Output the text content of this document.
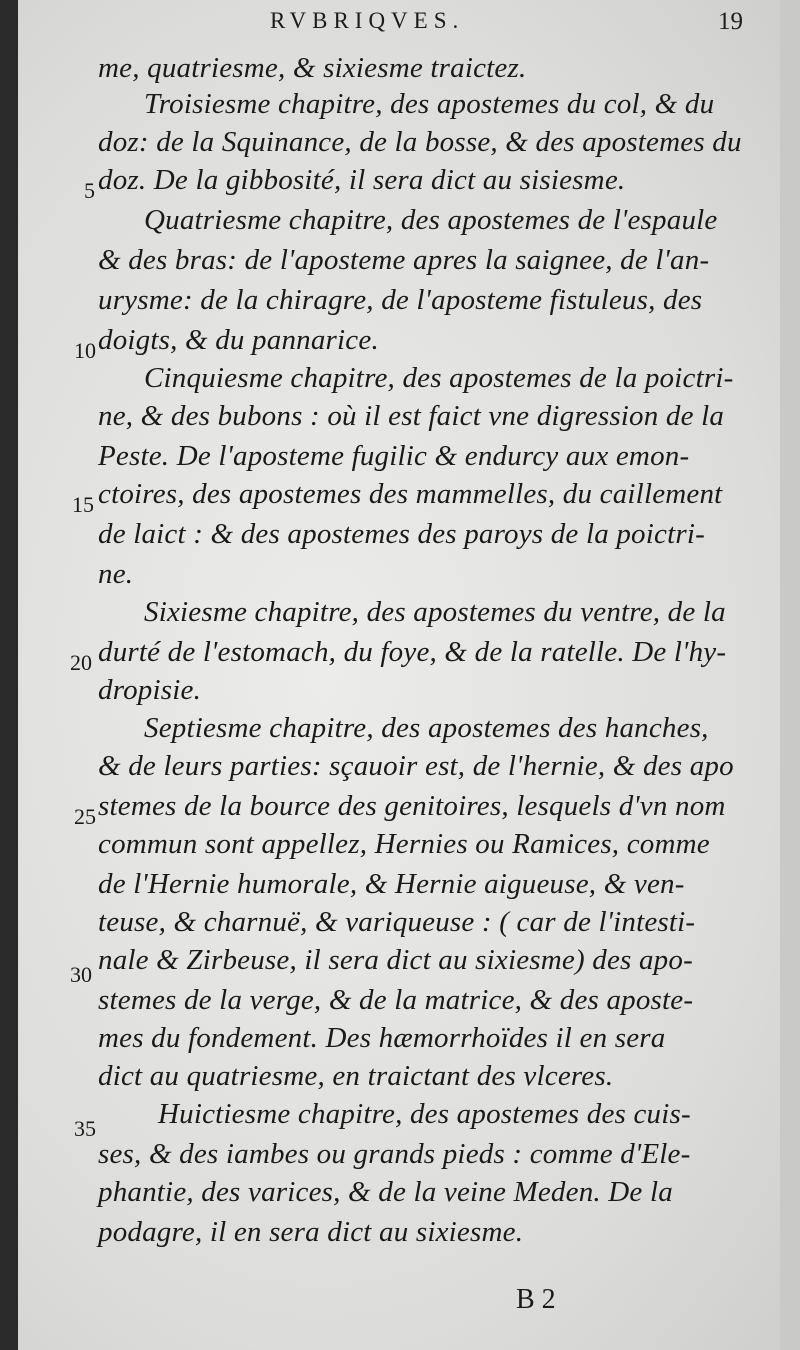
RVBRIQVES.	19
me, quatriesme, & sixiesme traictez.
Troisiesme chapitre, des apostemes du col, & du
doz: de la Squinance, de la bosse, & des apostemes du
doz. De la gibbosité, il sera dict au sisiesme.
Quatriesme chapitre, des apostemes de l'espaule
& des bras: de l'aposteme apres la saignee, de l'an-
urysme: de la chiragre, de l'aposteme fistuleus, des
doigts, & du pannarice.
Cinquiesme chapitre, des apostemes de la poictri-
ne, & des bubons : où il est faict vne digression de la
Peste. De l'aposteme fugilic & endurcy aux emon-
ctoires, des apostemes des mammelles, du caillement
de laict : & des apostemes des paroys de la poictri-
ne.
Sixiesme chapitre, des apostemes du ventre, de la
durté de l'estomach, du foye, & de la ratelle. De l'hy-
dropisie.
Septiesme chapitre, des apostemes des hanches,
& de leurs parties: sçauoir est, de l'hernie, & des apo
stemes de la bource des genitoires, lesquels d'vn nom
commun sont appellez, Hernies ou Ramices, comme
de l'Hernie humorale, & Hernie aigueuse, & ven-
teuse, & charnuë, & variqueuse : ( car de l'intesti-
nale & Zirbeuse, il sera dict au sixiesme) des apo-
stemes de la verge, & de la matrice, & des aposte-
mes du fondement. Des hæmorrhoïdes il en sera
dict au quatriesme, en traictant des vlceres.
Huictiesme chapitre, des apostemes des cuis-
ses, & des iambes ou grands pieds : comme d'Ele-
phantie, des varices, & de la veine Meden. De la
podagre, il en sera dict au sixiesme.
5
10
15
20
25
30
35
B 2
